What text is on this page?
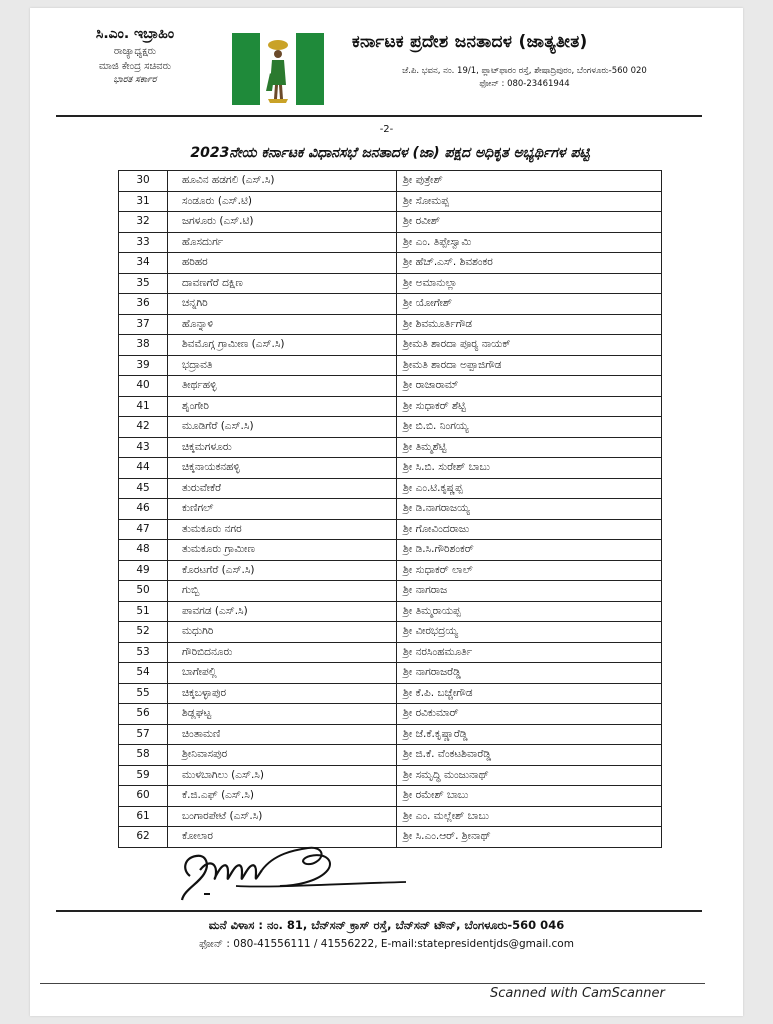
ಸಿ.ಎಂ. ಇಬ್ರಾಹಿಂ
ರಾಜ್ಯಾಧ್ಯಕ್ಷರು
ಮಾಜಿ ಕೇಂದ್ರ ಸಚಿವರು
ಭಾರತ ಸರ್ಕಾರ
ಕರ್ನಾಟಕ ಪ್ರದೇಶ ಜನತಾದಳ (ಜಾತ್ಯತೀತ)
ಜೆ.ಪಿ. ಭವನ, ನಂ. 19/1, ಪ್ಲಾಟ್‌ಫಾರಂ ರಸ್ತೆ, ಶೇಷಾದ್ರಿಪುರಂ, ಬೆಂಗಳೂರು-560 020
ಫೋನ್ : 080-23461944
-2-
2023ನೇಯ ಕರ್ನಾಟಕ ವಿಧಾನಸಭೆ ಜನತಾದಳ (ಜಾ) ಪಕ್ಷದ ಅಧಿಕೃತ ಅಭ್ಯರ್ಥಿಗಳ ಪಟ್ಟಿ
30	ಹೂವಿನ ಹಡಗಲಿ (ಎಸ್.ಸಿ)	ಶ್ರೀ ಪುತ್ರೇಶ್
31	ಸಂಡೂರು (ಎಸ್.ಟಿ)	ಶ್ರೀ ಸೋಮಪ್ಪ
32	ಜಗಳೂರು (ಎಸ್.ಟಿ)	ಶ್ರೀ ರವೀಶ್
33	ಹೊಸದುರ್ಗ	ಶ್ರೀ ಎಂ. ತಿಪ್ಪೇಸ್ವಾಮಿ
34	ಹರಿಹರ	ಶ್ರೀ ಹೆಚ್.ಎಸ್. ಶಿವಶಂಕರ
35	ದಾವಣಗೆರೆ ದಕ್ಷಿಣ	ಶ್ರೀ ಅಮಾನುಲ್ಲಾ
36	ಚನ್ನಗಿರಿ	ಶ್ರೀ ಯೋಗೇಶ್
37	ಹೊನ್ನಾಳಿ	ಶ್ರೀ ಶಿವಮೂರ್ತಿಗೌಡ
38	ಶಿವಮೊಗ್ಗ ಗ್ರಾಮೀಣ (ಎಸ್.ಸಿ)	ಶ್ರೀಮತಿ ಶಾರದಾ ಪೂರ್‍ಯ ನಾಯಕ್
39	ಭದ್ರಾವತಿ	ಶ್ರೀಮತಿ ಶಾರದಾ ಅಪ್ಪಾಜಿಗೌಡ
40	ತೀರ್ಥಹಳ್ಳಿ	ಶ್ರೀ ರಾಜಾರಾಮ್
41	ಶೃಂಗೇರಿ	ಶ್ರೀ ಸುಧಾಕರ್ ಶೆಟ್ಟಿ
42	ಮೂಡಿಗೆರೆ (ಎಸ್.ಸಿ)	ಶ್ರೀ ಬಿ.ಬಿ. ನಿಂಗಯ್ಯ
43	ಚಿಕ್ಕಮಗಳೂರು	ಶ್ರೀ ತಿಮ್ಮಶೆಟ್ಟಿ
44	ಚಿಕ್ಕನಾಯಕನಹಳ್ಳಿ	ಶ್ರೀ ಸಿ.ಬಿ. ಸುರೇಶ್ ಬಾಬು
45	ತುರುವೇಕೆರೆ	ಶ್ರೀ ಎಂ.ಟಿ.ಕೃಷ್ಣಪ್ಪ
46	ಕುಣಿಗಲ್	ಶ್ರೀ ಡಿ.ನಾಗರಾಜಯ್ಯ
47	ತುಮಕೂರು ನಗರ	ಶ್ರೀ ಗೋವಿಂದರಾಜು
48	ತುಮಕೂರು ಗ್ರಾಮೀಣ	ಶ್ರೀ ಡಿ.ಸಿ.ಗೌರಿಶಂಕರ್
49	ಕೊರಟಗೆರೆ (ಎಸ್.ಸಿ)	ಶ್ರೀ ಸುಧಾಕರ್ ಲಾಲ್
50	ಗುಬ್ಬಿ	ಶ್ರೀ ನಾಗರಾಜ
51	ಪಾವಗಡ (ಎಸ್.ಸಿ)	ಶ್ರೀ ತಿಮ್ಮರಾಯಪ್ಪ
52	ಮಧುಗಿರಿ	ಶ್ರೀ ವೀರಭದ್ರಯ್ಯ
53	ಗೌರಿಬಿದನೂರು	ಶ್ರೀ ನರಸಿಂಹಮೂರ್ತಿ
54	ಬಾಗೇಪಲ್ಲಿ	ಶ್ರೀ ನಾಗರಾಜರೆಡ್ಡಿ
55	ಚಿಕ್ಕಬಳ್ಳಾಪುರ	ಶ್ರೀ ಕೆ.ಪಿ. ಬಚ್ಚೇಗೌಡ
56	ಶಿಡ್ಲಘಟ್ಟ	ಶ್ರೀ ರವಿಕುಮಾರ್
57	ಚಿಂತಾಮಣಿ	ಶ್ರೀ ಜೆ.ಕೆ.ಕೃಷ್ಣಾರೆಡ್ಡಿ
58	ಶ್ರೀನಿವಾಸಪುರ	ಶ್ರೀ ಜಿ.ಕೆ. ವೆಂಕಟಶಿವಾರೆಡ್ಡಿ
59	ಮುಳಬಾಗಿಲು (ಎಸ್.ಸಿ)	ಶ್ರೀ ಸಮೃದ್ಧಿ ಮಂಜುನಾಥ್
60	ಕೆ.ಜಿ.ಎಫ್ (ಎಸ್.ಸಿ)	ಶ್ರೀ ರಮೇಶ್ ಬಾಬು
61	ಬಂಗಾರಪೇಟೆ (ಎಸ್.ಸಿ)	ಶ್ರೀ ಎಂ. ಮಲ್ಲೇಶ್ ಬಾಬು
62	ಕೋಲಾರ	ಶ್ರೀ ಸಿ.ಎಂ.ಆರ್. ಶ್ರೀನಾಥ್
ಮನೆ ವಿಳಾಸ : ನಂ. 81, ಬೆನ್‌ಸನ್ ಕ್ರಾಸ್ ರಸ್ತೆ, ಬೆನ್‌ಸನ್ ಟೌನ್, ಬೆಂಗಳೂರು-560 046
ಫೋನ್ : 080-41556111 / 41556222, E-mail:statepresidentjds@gmail.com
Scanned with CamScanner
